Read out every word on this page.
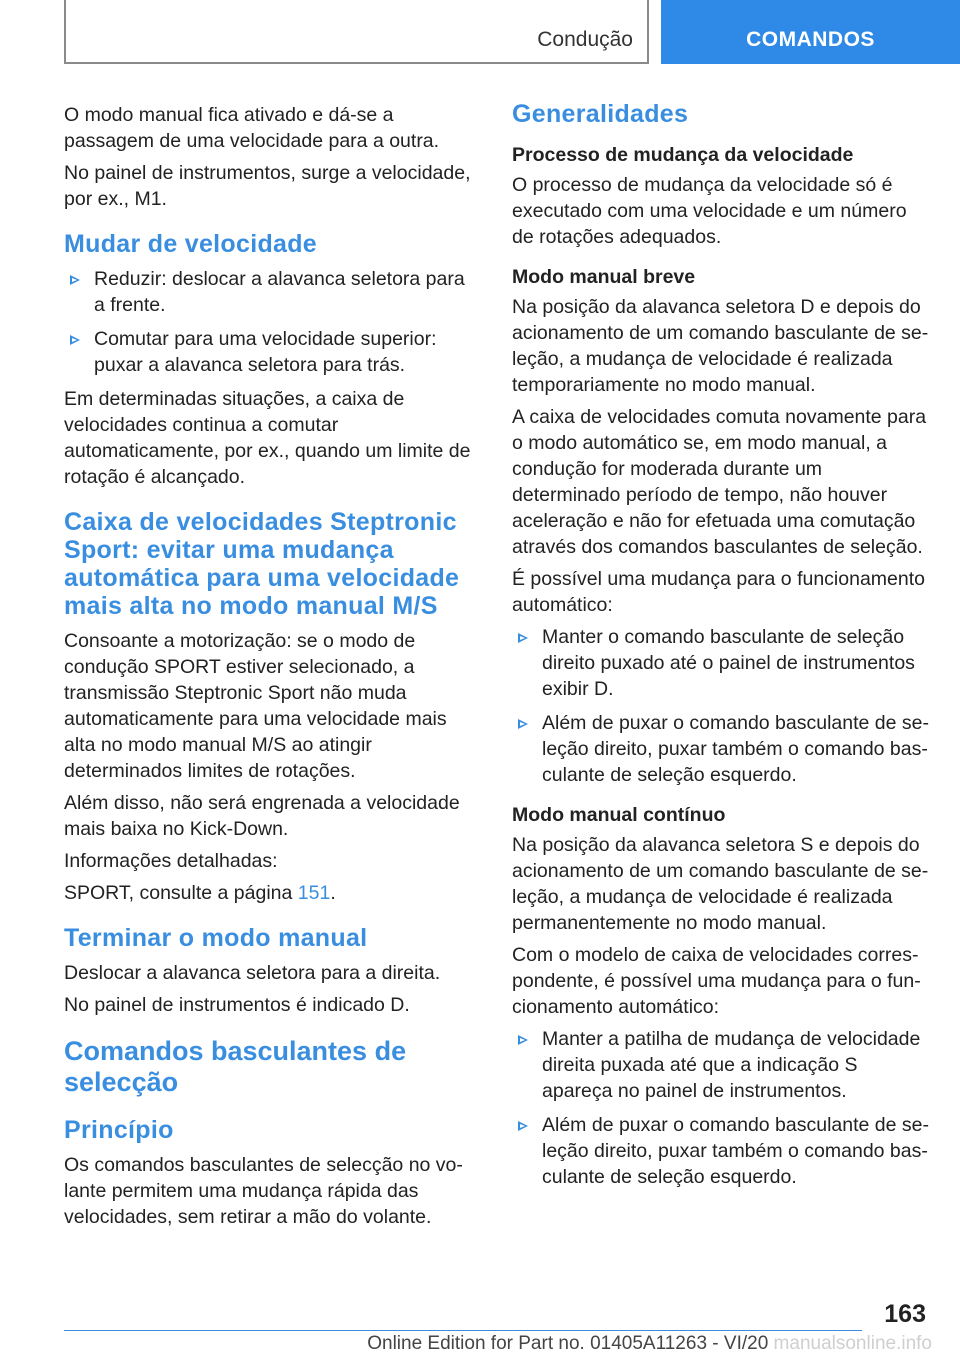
Condução	COMANDOS

O modo manual fica ativado e dá-se a passagem de uma velocidade para a outra.

No painel de instrumentos, surge a velocidade, por ex., M1.

Mudar de velocidade
Reduzir: deslocar a alavanca seletora para a frente.
Comutar para uma velocidade superior: puxar a alavanca seletora para trás.

Em determinadas situações, a caixa de velocidades continua a comutar automaticamente, por ex., quando um limite de rotação é alcançado.

Caixa de velocidades Steptronic Sport: evitar uma mudança automática para uma velocidade mais alta no modo manual M/S

Consoante a motorização: se o modo de condução SPORT estiver selecionado, a transmissão Steptronic Sport não muda automaticamente para uma velocidade mais alta no modo manual M/S ao atingir determinados limites de rotações.

Além disso, não será engrenada a velocidade mais baixa no Kick-Down.

Informações detalhadas:

SPORT, consulte a página 151.

Terminar o modo manual

Deslocar a alavanca seletora para a direita.

No painel de instrumentos é indicado D.

Comandos basculantes de selecção
Princípio

Os comandos basculantes de selecção no volante permitem uma mudança rápida das velocidades, sem retirar a mão do volante.

Generalidades
Processo de mudança da velocidade

O processo de mudança da velocidade só é executado com uma velocidade e um número de rotações adequados.

Modo manual breve

Na posição da alavanca seletora D e depois do acionamento de um comando basculante de seleção, a mudança de velocidade é realizada temporariamente no modo manual.

A caixa de velocidades comuta novamente para o modo automático se, em modo manual, a condução for moderada durante um determinado período de tempo, não houver aceleração e não for efetuada uma comutação através dos comandos basculantes de seleção.

É possível uma mudança para o funcionamento automático:

Manter o comando basculante de seleção direito puxado até o painel de instrumentos exibir D.
Além de puxar o comando basculante de seleção direito, puxar também o comando basculante de seleção esquerdo.
Modo manual contínuo

Na posição da alavanca seletora S e depois do acionamento de um comando basculante de seleção, a mudança de velocidade é realizada permanentemente no modo manual.

Com o modelo de caixa de velocidades correspondente, é possível uma mudança para o funcionamento automático:

Manter a patilha de mudança de velocidade direita puxada até que a indicação S apareça no painel de instrumentos.
Além de puxar o comando basculante de seleção direito, puxar também o comando basculante de seleção esquerdo.
163
Online Edition for Part no. 01405A11263 - VI/20 manualsonline.info
